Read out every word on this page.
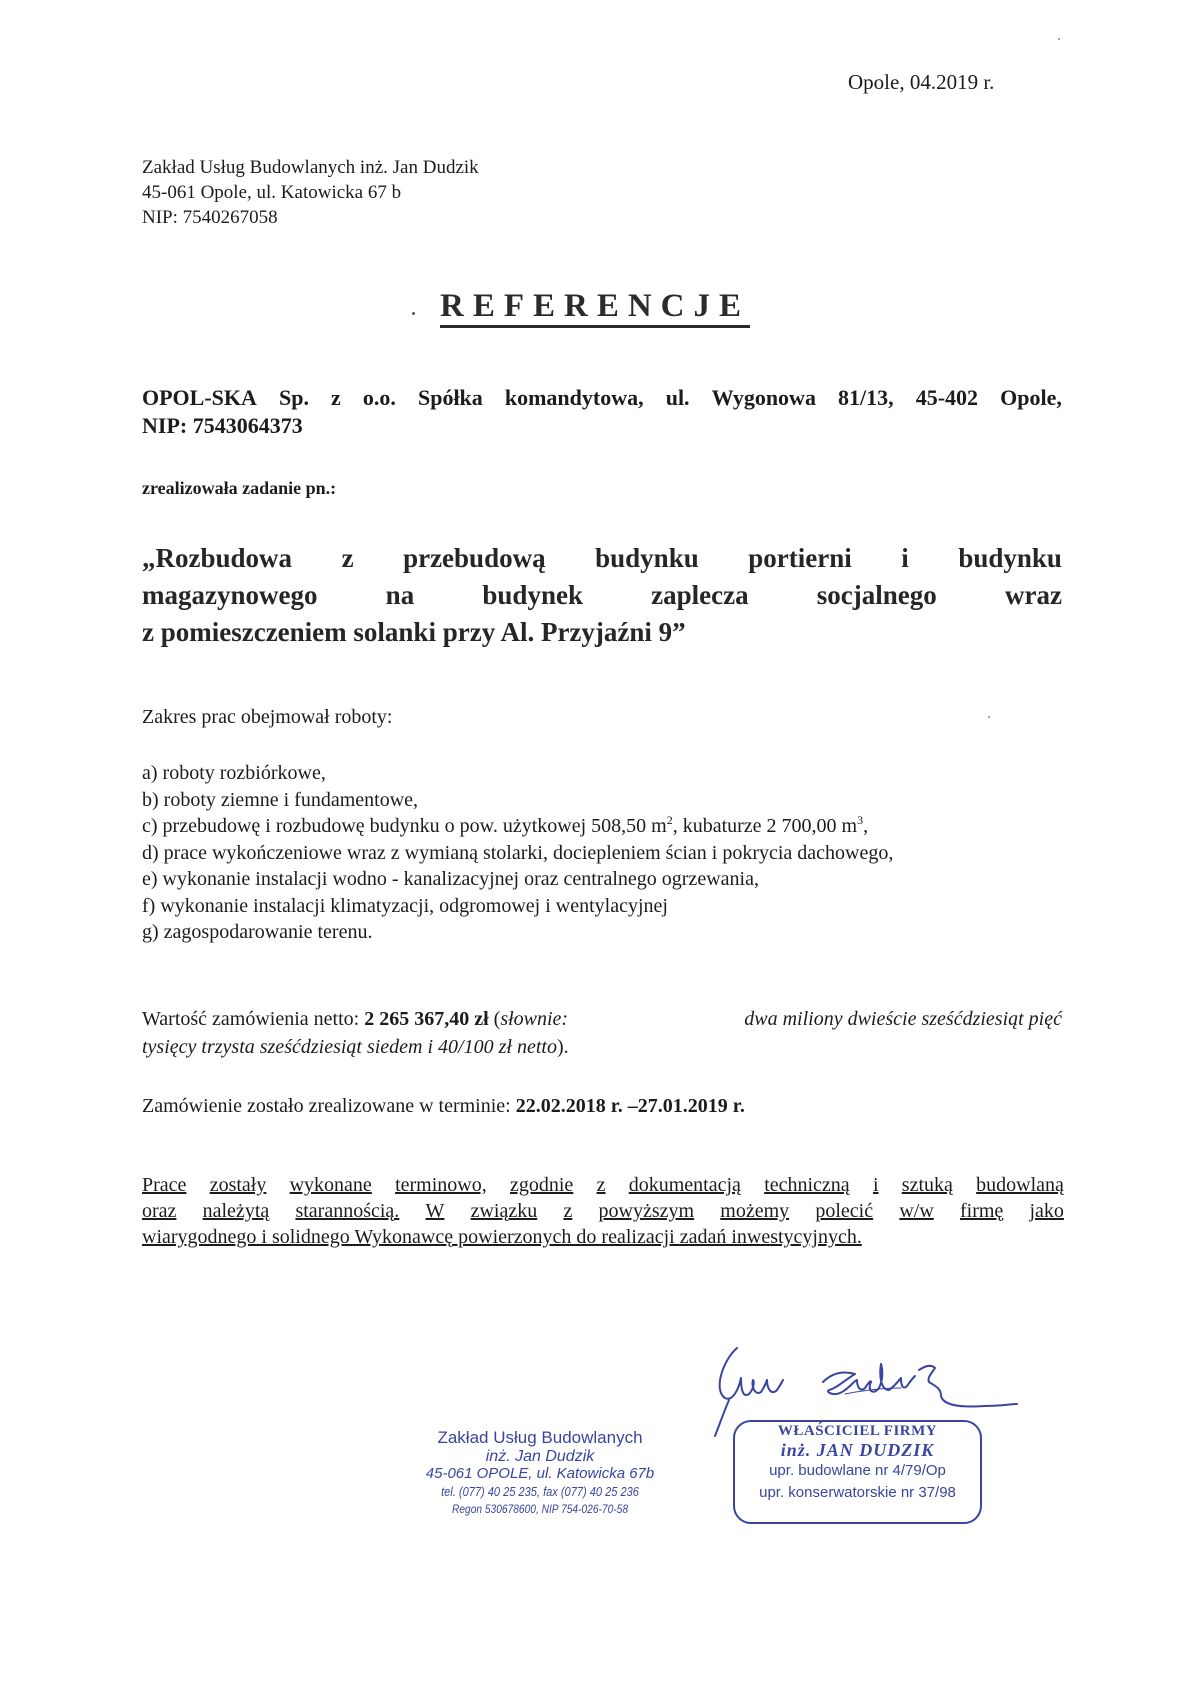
Opole, 04.2019 r.
Zakład Usług Budowlanych inż. Jan Dudzik
45-061 Opole, ul. Katowicka 67 b
NIP: 7540267058
REFERENCJE
OPOL-SKA Sp. z o.o. Spółka komandytowa, ul. Wygonowa 81/13, 45-402 Opole,
NIP: 7543064373
zrealizowała zadanie pn.:
„Rozbudowa z przebudową budynku portierni i budynku
magazynowego	na	budynek	zaplecza	socjalnego	wraz
z pomieszczeniem solanki przy Al. Przyjaźni 9”
Zakres prac obejmował roboty:
a) roboty rozbiórkowe,
b) roboty ziemne i fundamentowe,
c) przebudowę i rozbudowę budynku o pow. użytkowej 508,50 $m^2$, kubaturze 2 700,00 $m^3$,
d) prace wykończeniowe wraz z wymianą stolarki, dociepleniem ścian i pokrycia dachowego,
e) wykonanie instalacji wodno - kanalizacyjnej oraz centralnego ogrzewania,
f) wykonanie instalacji klimatyzacji, odgromowej i wentylacyjnej
g) zagospodarowanie terenu.
Wartość zamówienia netto: 2 265 367,40 zł (słownie:	dwa miliony dwieście sześćdziesiąt pięć
tysięcy trzysta sześćdziesiąt siedem i 40/100 zł netto).
Zamówienie zostało zrealizowane w terminie: 22.02.2018 r. –27.01.2019 r.
Prace zostały wykonane terminowo, zgodnie z dokumentacją techniczną i sztuką budowlaną
oraz należytą starannością. W związku z powyższym możemy polecić w/w firmę jako
wiarygodnego i solidnego Wykonawcę powierzonych do realizacji zadań inwestycyjnych.
Zakład Usług Budowlanych
inż. Jan Dudzik
45-061 OPOLE, ul. Katowicka 67b
tel. (077) 40 25 235, fax (077) 40 25 236
Regon 530678600, NIP 754-026-70-58
WŁAŚCICIEL FIRMY
inż. JAN DUDZIK
upr. budowlane nr 4/79/Op
upr. konserwatorskie nr 37/98
